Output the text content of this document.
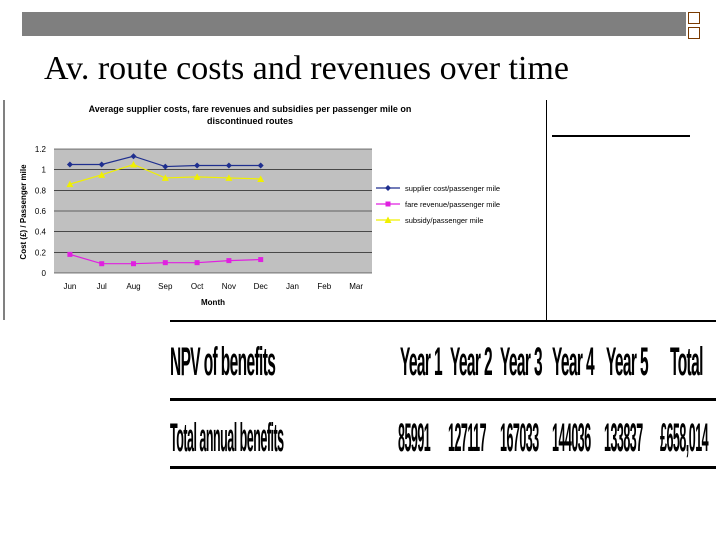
Av. route costs and revenues over time
Average supplier costs, fare revenues and subsidies per passenger mile on
discontinued routes
0
0.2
0.4
0.6
0.8
1
1.2
Jun	Jul Aug Sep Oct Nov Dec Jan Feb Mar
Cost (£) / Passenger mile
Month
supplier cost/passenger mile
fare revenue/passenger mile
subsidy/passenger mile
NPV of benefits	Year 1 Year 2 Year 3 Year 4 Year 5 Total
Total annual benefits	85991 127117 167033 144036 133837 £658,014
